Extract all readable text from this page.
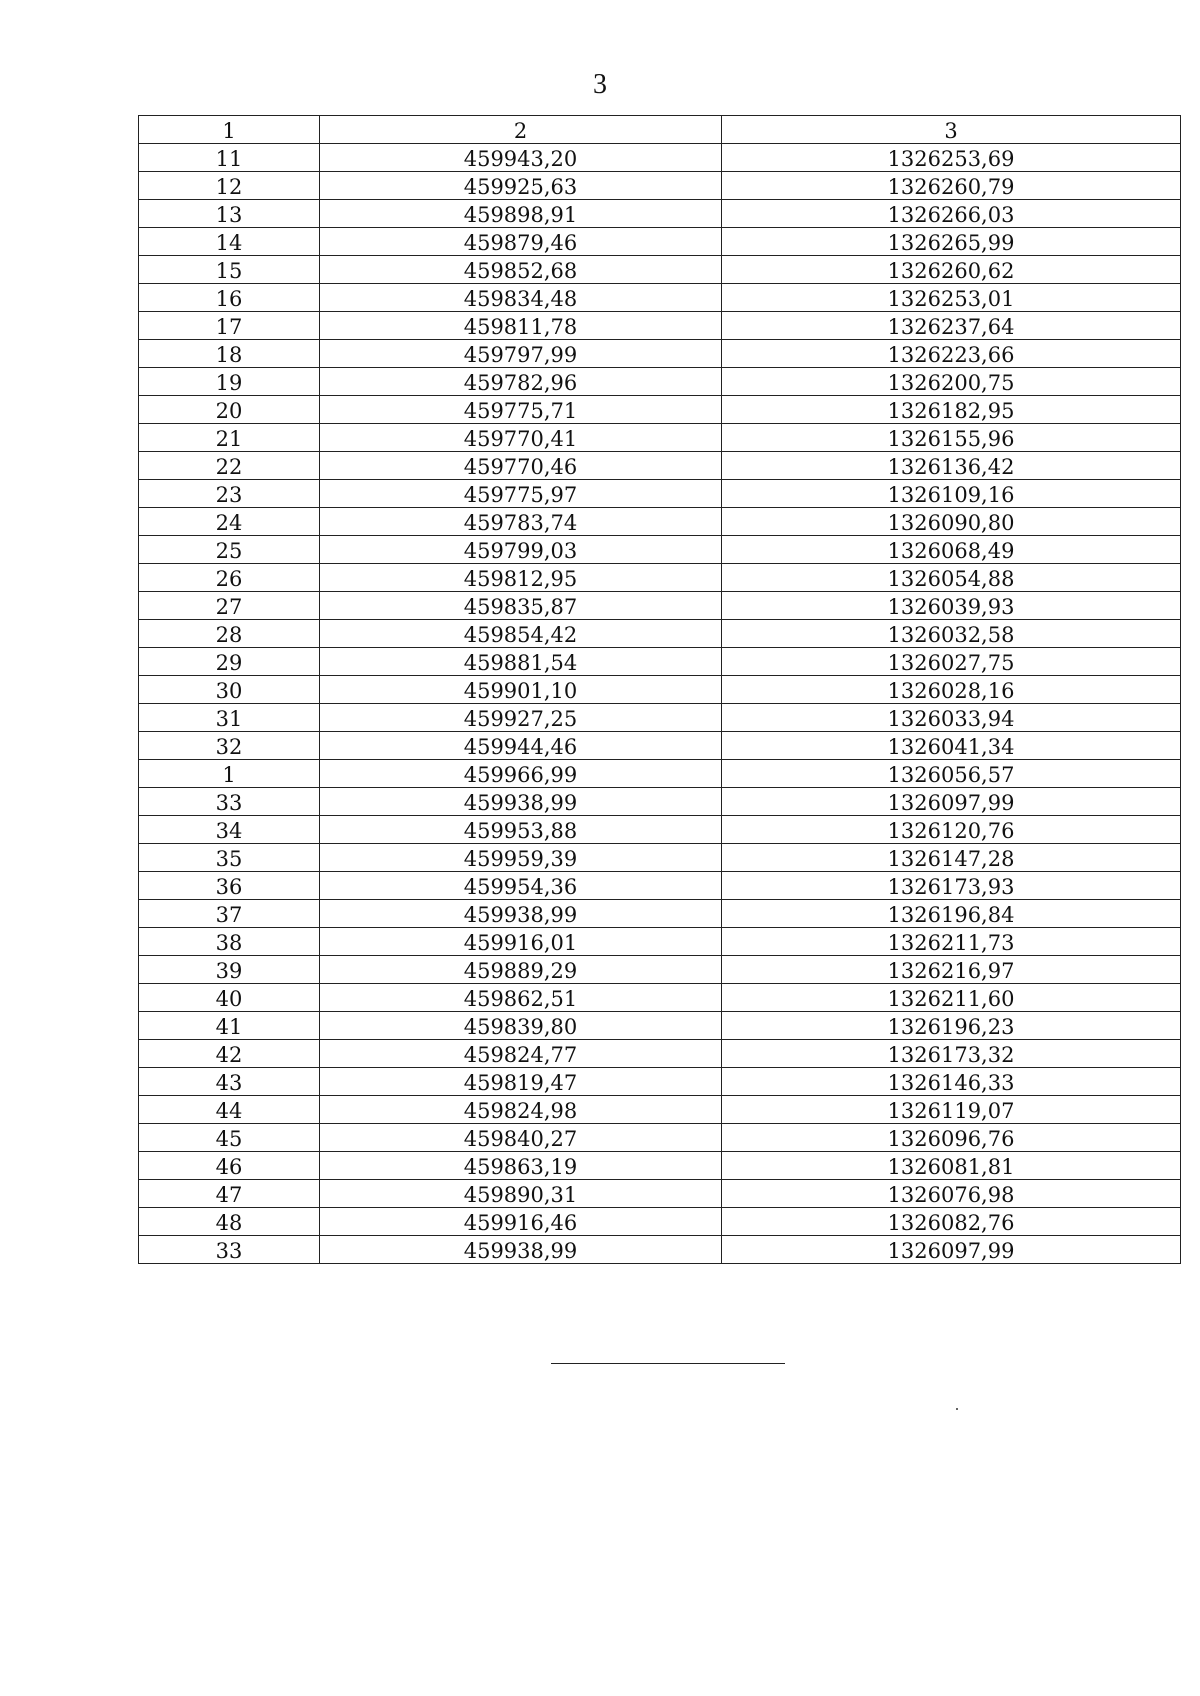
3
1	2	3
11	459943,20	1326253,69
12	459925,63	1326260,79
13	459898,91	1326266,03
14	459879,46	1326265,99
15	459852,68	1326260,62
16	459834,48	1326253,01
17	459811,78	1326237,64
18	459797,99	1326223,66
19	459782,96	1326200,75
20	459775,71	1326182,95
21	459770,41	1326155,96
22	459770,46	1326136,42
23	459775,97	1326109,16
24	459783,74	1326090,80
25	459799,03	1326068,49
26	459812,95	1326054,88
27	459835,87	1326039,93
28	459854,42	1326032,58
29	459881,54	1326027,75
30	459901,10	1326028,16
31	459927,25	1326033,94
32	459944,46	1326041,34
1	459966,99	1326056,57
33	459938,99	1326097,99
34	459953,88	1326120,76
35	459959,39	1326147,28
36	459954,36	1326173,93
37	459938,99	1326196,84
38	459916,01	1326211,73
39	459889,29	1326216,97
40	459862,51	1326211,60
41	459839,80	1326196,23
42	459824,77	1326173,32
43	459819,47	1326146,33
44	459824,98	1326119,07
45	459840,27	1326096,76
46	459863,19	1326081,81
47	459890,31	1326076,98
48	459916,46	1326082,76
33	459938,99	1326097,99
